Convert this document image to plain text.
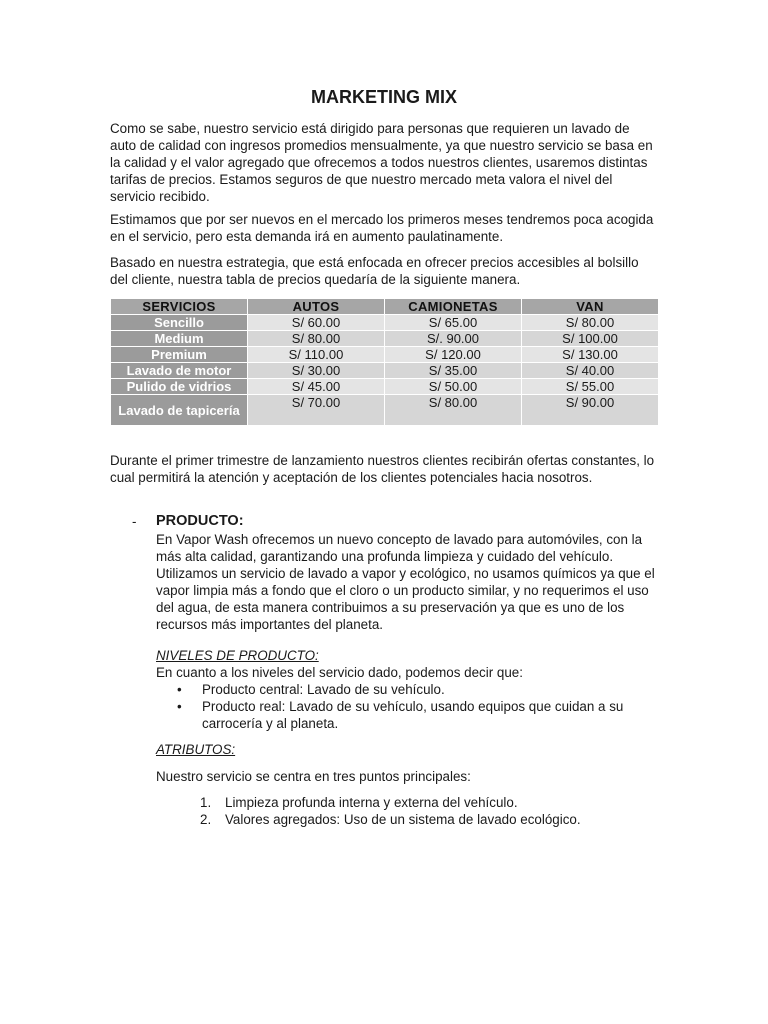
MARKETING MIX

Como se sabe, nuestro servicio está dirigido para personas que requieren un lavado de auto de calidad con ingresos promedios mensualmente, ya que nuestro servicio se basa en la calidad y el valor agregado que ofrecemos a todos nuestros clientes, usaremos distintas tarifas de precios. Estamos seguros de que nuestro mercado meta valora el nivel del servicio recibido.

Estimamos que por ser nuevos en el mercado los primeros meses tendremos poca acogida en el servicio, pero esta demanda irá en aumento paulatinamente.

Basado en nuestra estrategia, que está enfocada en ofrecer precios accesibles al bolsillo del cliente, nuestra tabla de precios quedaría de la siguiente manera.

SERVICIOS	AUTOS	CAMIONETAS	VAN
Sencillo	S/ 60.00	S/ 65.00	S/ 80.00
Medium	S/ 80.00	S/. 90.00	S/ 100.00
Premium	S/ 110.00	S/ 120.00	S/ 130.00
Lavado de motor	S/ 30.00	S/ 35.00	S/ 40.00
Pulido de vidrios	S/ 45.00	S/ 50.00	S/ 55.00
Lavado de tapicería	S/ 70.00	S/ 80.00	S/ 90.00

Durante el primer trimestre de lanzamiento nuestros clientes recibirán ofertas constantes, lo cual permitirá la atención y aceptación de los clientes potenciales hacia nosotros.

- PRODUCTO:
En Vapor Wash ofrecemos un nuevo concepto de lavado para automóviles, con la más alta calidad, garantizando una profunda limpieza y cuidado del vehículo. Utilizamos un servicio de lavado a vapor y ecológico, no usamos químicos ya que el vapor limpia más a fondo que el cloro o un producto similar, y no requerimos el uso del agua, de esta manera contribuimos a su preservación ya que es uno de los recursos más importantes del planeta.
NIVELES DE PRODUCTO:
En cuanto a los niveles del servicio dado, podemos decir que:
• Producto central: Lavado de su vehículo.
• Producto real: Lavado de su vehículo, usando equipos que cuidan a su carrocería y al planeta.
ATRIBUTOS:
Nuestro servicio se centra en tres puntos principales:
1. Limpieza profunda interna y externa del vehículo.
2. Valores agregados: Uso de un sistema de lavado ecológico.
